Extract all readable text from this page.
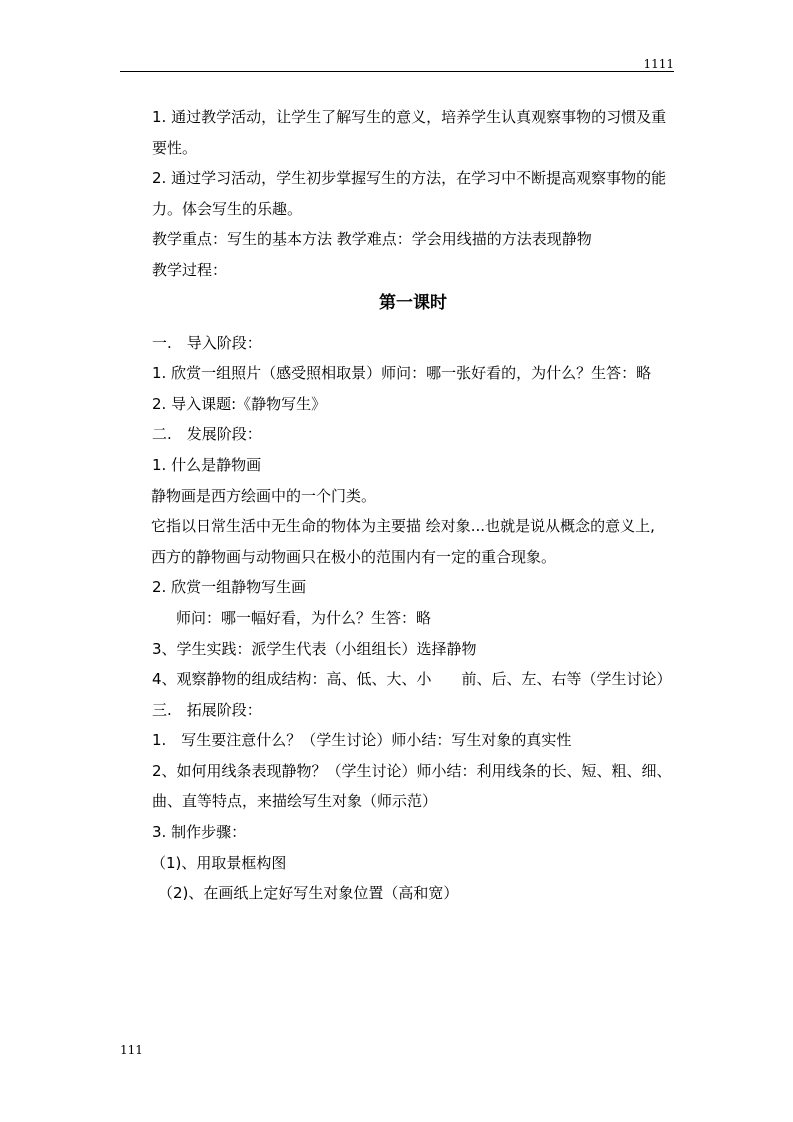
1111

1. 通过教学活动，让学生了解写生的意义，培养学生认真观察事物的习惯及重　要性。

2. 通过学习活动，学生初步掌握写生的方法，在学习中不断提高观察事物的能力。体会写生的乐趣。

教学重点：写生的基本方法 教学难点：学会用线描的方法表现静物

教学过程：

第一课时

一.　导入阶段：

1. 欣赏一组照片（感受照相取景）师问：哪一张好看的，为什么？生答：略

2. 导入课题:《静物写生》

二.　发展阶段：

1. 什么是静物画

静物画是西方绘画中的一个门类。

它指以日常生活中无生命的物体为主要描 绘对象...也就是说从概念的意义上,

西方的静物画与动物画只在极小的范围内有一定的重合现象。

2. 欣赏一组静物写生画

师问：哪一幅好看，为什么？生答：略

3、学生实践：派学生代表（小组组长）选择静物

4、观察静物的组成结构：高、低、大、小　　前、后、左、右等（学生讨论）

三.　拓展阶段：

1.　写生要注意什么？（学生讨论）师小结：写生对象的真实性

2、如何用线条表现静物？（学生讨论）师小结：利用线条的长、短、粗、细、曲、直等特点，来描绘写生对象（师示范）

3. 制作步骤：

（1)、用取景框构图

（2)、在画纸上定好写生对象位置（高和宽）

111
